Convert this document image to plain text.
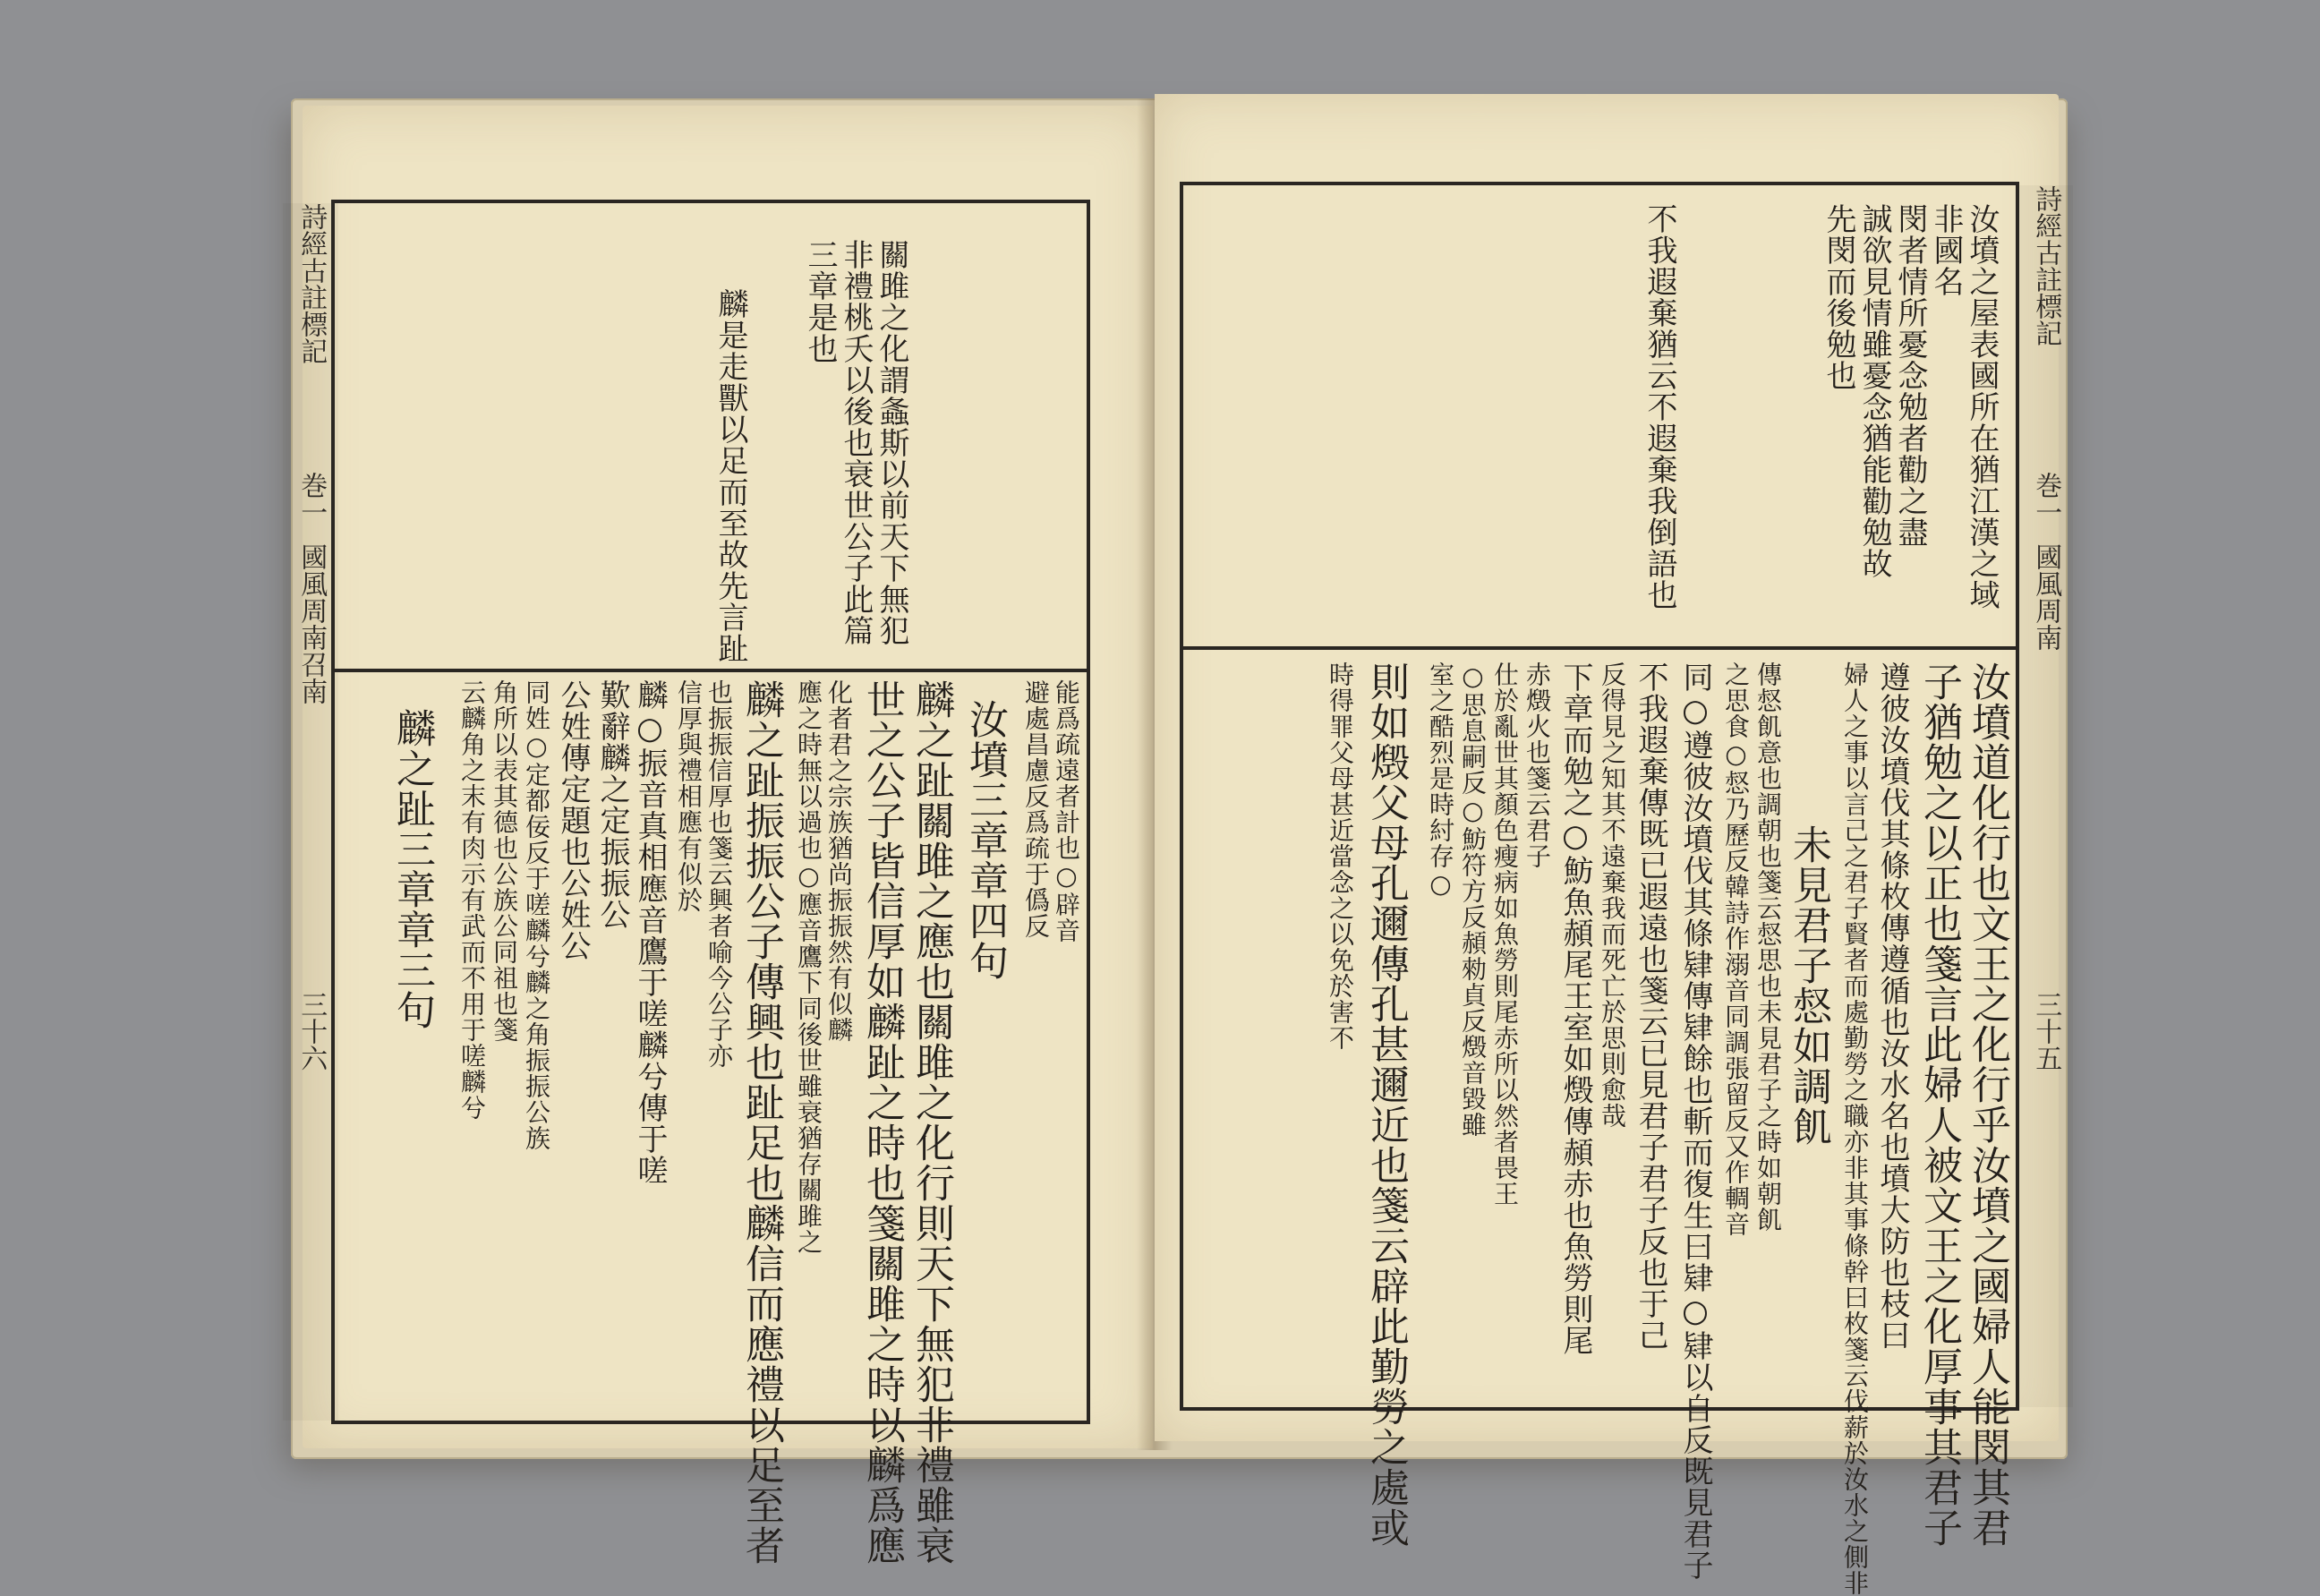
詩經古註標記
巻一
國風周南召南
三十六
關雎之化謂螽斯以前天下無犯
非禮桃夭以後也衰世公子此篇
三章是也
麟是走獸以足而至故先言趾
能爲疏遠者計也○辟音
避處昌慮反爲疏于僞反
汝墳三章章四句
麟之趾關雎之應也關雎之化行則天下無犯非禮雖衰
世之公子皆信厚如麟趾之時也箋關雎之時以麟爲應
化者君之宗族猶尚振振然有似麟
應之時無以過也○應音鷹下同後世雖衰猶存關雎之
麟之趾振振公子傳興也趾足也麟信而應禮以足至者
也振振信厚也箋云興者喻今公子亦
信厚與禮相應有似於
麟○振音真相應音鷹于嗟麟兮傳于嗟
歎辭麟之定振振公
公姓傳定題也公姓公
同姓○定都佞反于嗟麟兮麟之角振振公族
角所以表其德也公族公同祖也箋
云麟角之末有肉示有武而不用于嗟麟兮
麟之趾三章章三句
詩經古註標記
巻一
國風周南
三十五
汝墳之屋表國所在猶江漢之域
非國名
閔者情所憂念勉者勸之盡
誠欲見情雖憂念猶能勸勉故
先閔而後勉也
不我遐棄猶云不遐棄我倒語也
汝墳道化行也文王之化行乎汝墳之國婦人能閔其君
子猶勉之以正也箋言此婦人被文王之化厚事其君子
遵彼汝墳伐其條枚傳遵循也汝水名也墳大防也枝曰
婦人之事以言己之君子賢者而處勤勞之職亦非其事條幹曰枚箋云伐薪於汝水之側非
未見君子惄如調飢
傳惄飢意也調朝也箋云惄思也未見君子之時如朝飢
之思食○惄乃歷反韓詩作溺音同調張留反又作輖音
同○遵彼汝墳伐其條肄傳肄餘也斬而復生曰肄○肄以自反既見君子
不我遐棄傳既已遐遠也箋云已見君子君子反也于己
反得見之知其不遠棄我而死亡於思則愈哉
下章而勉之○魴魚頳尾王室如燬傳頳赤也魚勞則尾
赤燬火也箋云君子
仕於亂世其顏色瘦病如魚勞則尾赤所以然者畏王
○思息嗣反○魴符方反頳勑貞反燬音毀雖
室之酷烈是時紂存○
則如燬父母孔邇傳孔甚邇近也箋云辟此勤勞之處或
時得罪父母甚近當念之以免於害不
